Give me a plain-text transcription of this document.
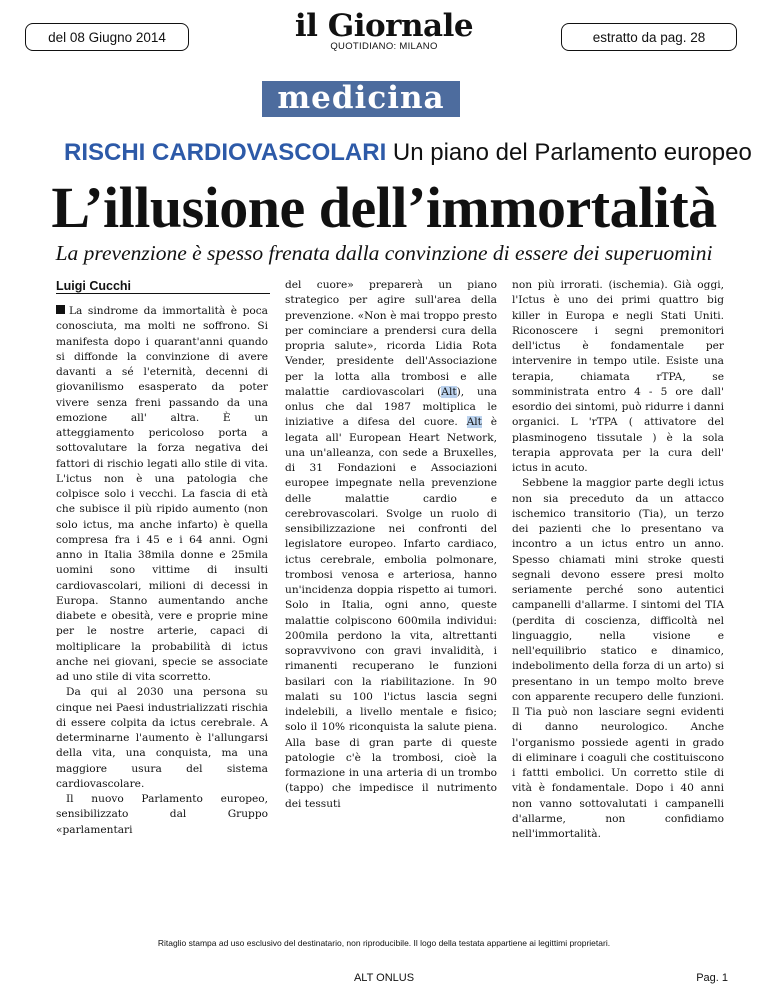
del 08 Giugno 2014	il Giornale
QUOTIDIANO: MILANO
estratto da pag. 28
medicina
RISCHI CARDIOVASCOLARI Un piano del Parlamento europeo
L’illusione dell’immortalità
La prevenzione è spesso frenata dalla convinzione di essere dei superuomini
Luigi Cucchi

La sindrome da immortalità è poca conosciuta, ma molti ne soffrono. Si manifesta dopo i quarant'anni quando si diffonde la convinzione di avere davanti a sé l'eternità, decenni di giovanilismo esasperato da poter vivere senza freni passando da una emozione all' altra. È un atteggiamento pericoloso porta a sottovalutare la forza negativa dei fattori di rischio legati allo stile di vita. L'ictus non è una patologia che colpisce solo i vecchi. La fascia di età che subisce il più ripido aumento (non solo ictus, ma anche infarto) è quella compresa fra i 45 e i 64 anni. Ogni anno in Italia 38mila donne e 25mila uomini sono vittime di insulti cardiovascolari, milioni di decessi in Europa. Stanno aumentando anche diabete e obesità, vere e proprie mine per le nostre arterie, capaci di moltiplicare la probabilità di ictus anche nei giovani, specie se associate ad uno stile di vita scorretto.

Da qui al 2030 una persona su cinque nei Paesi industrializzati rischia di essere colpita da ictus cerebrale. A determinarne l'aumento è l'allungarsi della vita, una conquista, ma una maggiore usura del sistema cardiovascolare.

Il nuovo Parlamento europeo, sensibilizzato dal Gruppo «parlamentari

del cuore» preparerà un piano strategico per agire sull'area della prevenzione. «Non è mai troppo presto per cominciare a prendersi cura della propria salute», ricorda Lidia Rota Vender, presidente dell'Associazione per la lotta alla trombosi e alle malattie cardiovascolari (Alt), una onlus che dal 1987 moltiplica le iniziative a difesa del cuore. Alt è legata all' European Heart Network, una un'alleanza, con sede a Bruxelles, di 31 Fondazioni e Associazioni europee impegnate nella prevenzione delle malattie cardio e cerebrovascolari. Svolge un ruolo di sensibilizzazione nei confronti del legislatore europeo. Infarto cardiaco, ictus cerebrale, embolia polmonare, trombosi venosa e arteriosa, hanno un'incidenza doppia rispetto ai tumori. Solo in Italia, ogni anno, queste malattie colpiscono 600mila individui: 200mila perdono la vita, altrettanti sopravvivono con gravi invalidità, i rimanenti recuperano le funzioni basilari con la riabilitazione. In 90 malati su 100 l'ictus lascia segni indelebili, a livello mentale e fisico; solo il 10% riconquista la salute piena. Alla base di gran parte di queste patologie c'è la trombosi, cioè la formazione in una arteria di un trombo (tappo) che impedisce il nutrimento dei tessuti

non più irrorati. (ischemia). Già oggi, l'Ictus è uno dei primi quattro big killer in Europa e negli Stati Uniti. Riconoscere i segni premonitori dell'ictus è fondamentale per intervenire in tempo utile. Esiste una terapia, chiamata rTPA, se somministrata entro 4 - 5 ore dall' esordio dei sintomi, può ridurre i danni organici. L 'rTPA ( attivatore del plasminogeno tissutale ) è la sola terapia approvata per la cura dell' ictus in acuto.

Sebbene la maggior parte degli ictus non sia preceduto da un attacco ischemico transitorio (Tia), un terzo dei pazienti che lo presentano va incontro a un ictus entro un anno. Spesso chiamati mini stroke questi segnali devono essere presi molto seriamente perché sono autentici campanelli d'allarme. I sintomi del TIA (perdita di coscienza, difficoltà nel linguaggio, nella visione e nell'equilibrio statico e dinamico, indebolimento della forza di un arto) si presentano in un tempo molto breve con apparente recupero delle funzioni. Il Tia può non lasciare segni evidenti di danno neurologico. Anche l'organismo possiede agenti in grado di eliminare i coaguli che costituiscono i fattti embolici. Un corretto stile di vità è fondamentale. Dopo i 40 anni non vanno sottovalutati i campanelli d'allarme, non confidiamo nell'immortalità.

Ritaglio stampa ad uso esclusivo del destinatario, non riproducibile. Il logo della testata appartiene ai legittimi proprietari.
ALT ONLUS	Pag. 1
